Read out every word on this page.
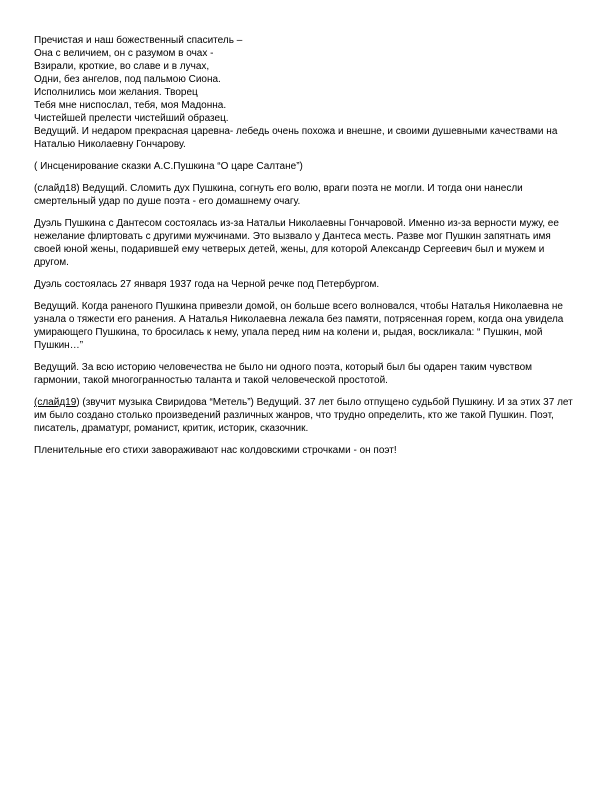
Пречистая и наш божественный спаситель –
Она с величием, он с разумом в очах -
Взирали, кроткие, во славе и в лучах,
Одни, без ангелов, под пальмою Сиона.
Исполнились мои желания. Творец
Тебя мне ниспослал, тебя, моя Мадонна.
Чистейшей прелести чистейший образец.

Ведущий. И недаром прекрасная царевна- лебедь очень похожа и внешне, и своими душевными качествами на Наталью Николаевну Гончарову.

( Инсценирование сказки А.С.Пушкина “О царе Салтане”)

(слайд18) Ведущий. Сломить дух Пушкина, согнуть его волю, враги поэта не могли. И тогда они нанесли смертельный удар по душе поэта - его домашнему очагу.

Дуэль Пушкина с Дантесом состоялась из-за Натальи Николаевны Гончаровой. Именно из-за верности мужу, ее нежелание флиртовать с другими мужчинами. Это вызвало у Дантеса месть. Разве мог Пушкин запятнать имя своей юной жены, подарившей ему четверых детей, жены, для которой Александр Сергеевич был и мужем и другом.

Дуэль состоялась 27 января 1937 года на Черной речке под Петербургом.

Ведущий. Когда раненого Пушкина привезли домой, он больше всего волновался, чтобы Наталья Николаевна не узнала о тяжести его ранения. А Наталья Николаевна лежала без памяти, потрясенная горем, когда она увидела умирающего Пушкина, то бросилась к нему, упала перед ним на колени и, рыдая, воскликала: “ Пушкин, мой Пушкин…”

Ведущий. За всю историю человечества не было ни одного поэта, который был бы одарен таким чувством гармонии, такой многогранностью таланта и такой человеческой простотой.

(слайд19) (звучит музыка Свиридова “Метель”) Ведущий. 37 лет было отпущено судьбой Пушкину. И за этих 37 лет им было создано столько произведений различных жанров, что трудно определить, кто же такой Пушкин. Поэт, писатель, драматург, романист, критик, историк, сказочник.

Пленительные его стихи завораживают нас колдовскими строчками - он поэт!
